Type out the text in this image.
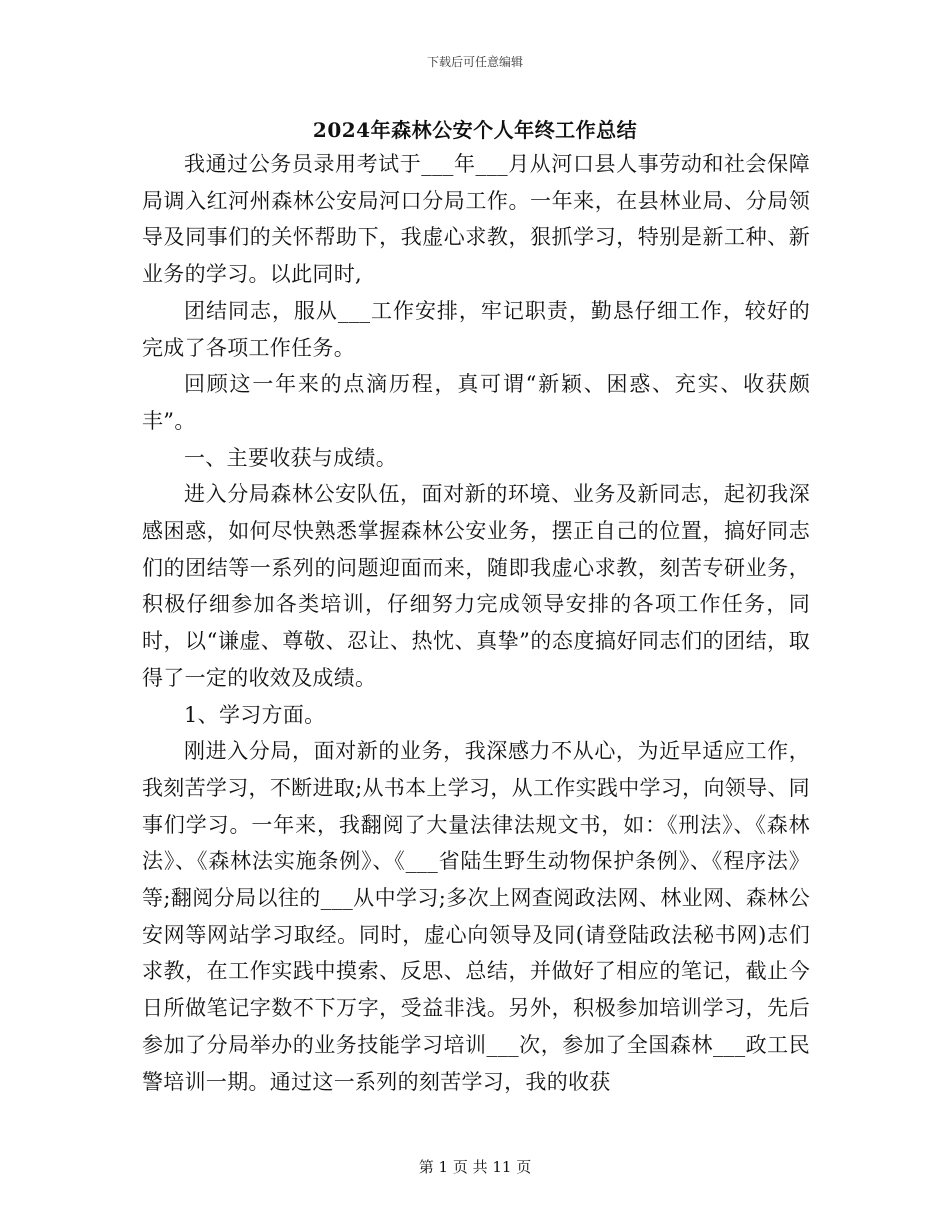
下载后可任意编辑
2024年森林公安个人年终工作总结

我通过公务员录用考试于___年___月从河口县人事劳动和社会保障局调入红河州森林公安局河口分局工作。一年来，在县林业局、分局领导及同事们的关怀帮助下，我虚心求教，狠抓学习，特别是新工种、新业务的学习。以此同时,

团结同志，服从___工作安排，牢记职责，勤恳仔细工作，较好的完成了各项工作任务。

回顾这一年来的点滴历程，真可谓“新颖、困惑、充实、收获颇丰”。

一、主要收获与成绩。

进入分局森林公安队伍，面对新的环境、业务及新同志，起初我深感困惑，如何尽快熟悉掌握森林公安业务，摆正自己的位置，搞好同志们的团结等一系列的问题迎面而来，随即我虚心求教，刻苦专研业务，积极仔细参加各类培训，仔细努力完成领导安排的各项工作任务，同时，以“谦虚、尊敬、忍让、热忱、真挚”的态度搞好同志们的团结，取得了一定的收效及成绩。

1、学习方面。

刚进入分局，面对新的业务，我深感力不从心，为近早适应工作，我刻苦学习，不断进取;从书本上学习，从工作实践中学习，向领导、同事们学习。一年来，我翻阅了大量法律法规文书，如：《刑法》、《森林法》、《森林法实施条例》、《___省陆生野生动物保护条例》、《程序法》等;翻阅分局以往的___从中学习;多次上网查阅政法网、林业网、森林公安网等网站学习取经。同时，虚心向领导及同(请登陆政法秘书网)志们求教，在工作实践中摸索、反思、总结，并做好了相应的笔记，截止今日所做笔记字数不下万字，受益非浅。另外，积极参加培训学习，先后参加了分局举办的业务技能学习培训___次，参加了全国森林___政工民警培训一期。通过这一系列的刻苦学习，我的收获

第 1 页 共 11 页
